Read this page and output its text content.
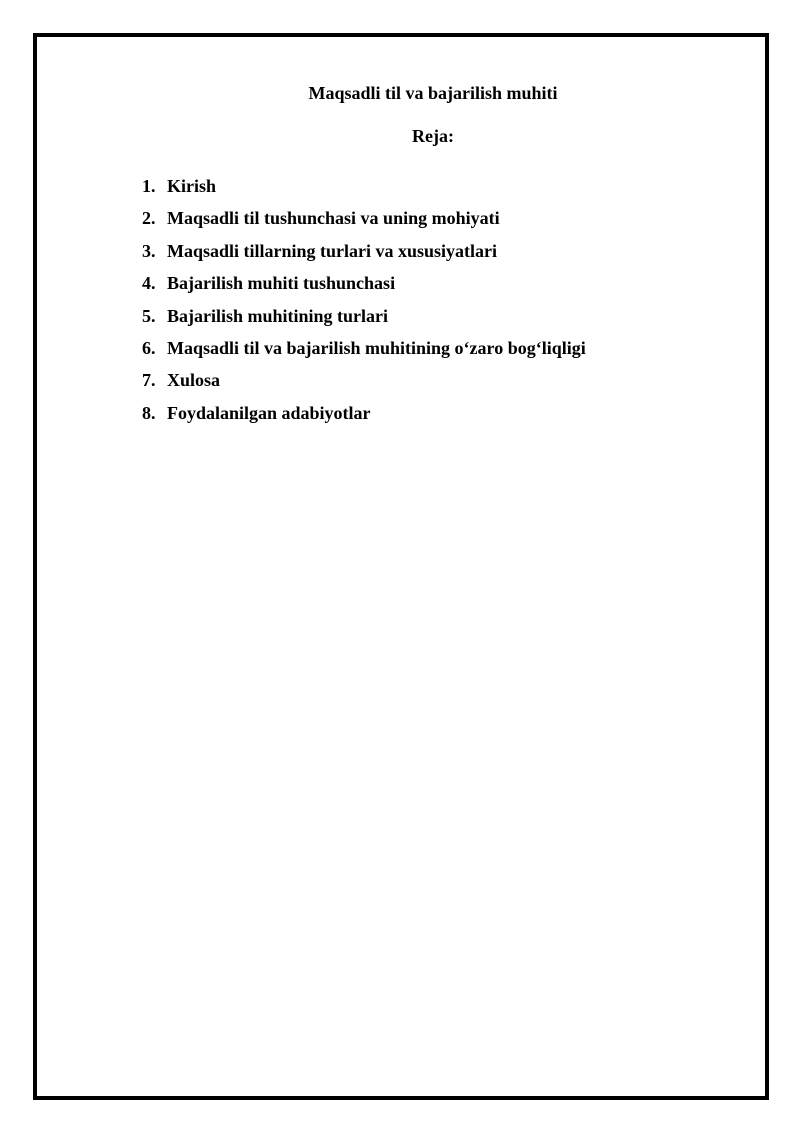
Maqsadli til va bajarilish muhiti
Reja:
1. Kirish
2. Maqsadli til tushunchasi va uning mohiyati
3. Maqsadli tillarning turlari va xususiyatlari
4. Bajarilish muhiti tushunchasi
5. Bajarilish muhitining turlari
6. Maqsadli til va bajarilish muhitining o‘zaro bog‘liqligi
7. Xulosa
8. Foydalanilgan adabiyotlar
